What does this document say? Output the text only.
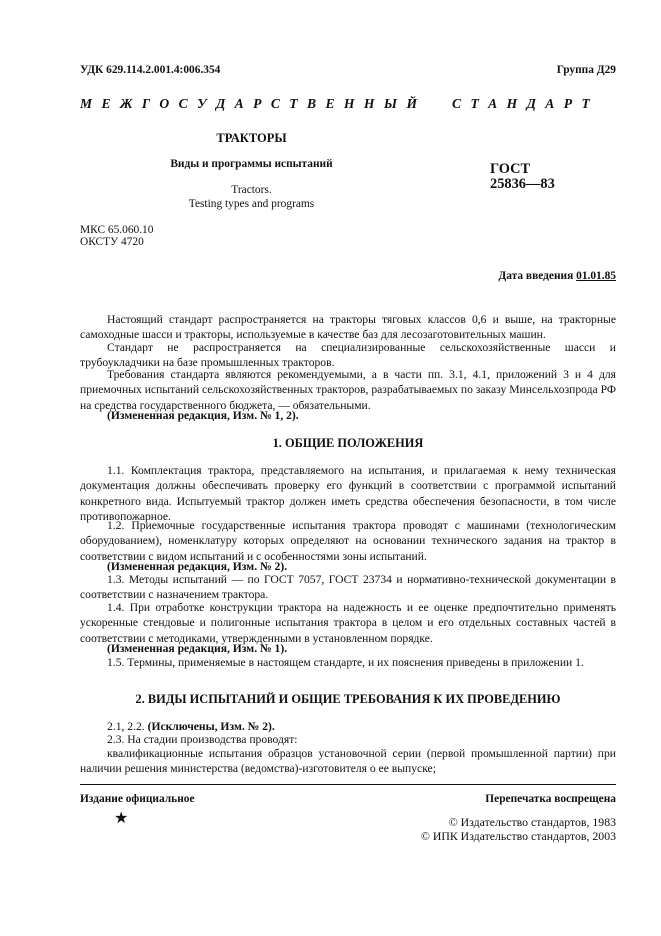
УДК 629.114.2.001.4:006.354	Группа Д29
М Е Ж Г О С У Д А Р С Т В Е Н Н Ы Й     С Т А Н Д А Р Т
ТРАКТОРЫ
Виды и программы испытаний
Tractors.
Testing types and programs
ГОСТ
25836—83
МКС 65.060.10
ОКСТУ 4720
Дата введения 01.01.85
Настоящий стандарт распространяется на тракторы тяговых классов 0,6 и выше, на тракторные самоходные шасси и тракторы, используемые в качестве баз для лесозаготовительных машин.
Стандарт не распространяется на специализированные сельскохозяйственные шасси и трубоукладчики на базе промышленных тракторов.
Требования стандарта являются рекомендуемыми, а в части пп. 3.1, 4.1, приложений 3 и 4 для приемочных испытаний сельскохозяйственных тракторов, разрабатываемых по заказу Минсельхозпрода РФ на средства государственного бюджета, — обязательными.
(Измененная редакция, Изм. № 1, 2).
1. ОБЩИЕ ПОЛОЖЕНИЯ
1.1. Комплектация трактора, представляемого на испытания, и прилагаемая к нему техническая документация должны обеспечивать проверку его функций в соответствии с программой испытаний конкретного вида. Испытуемый трактор должен иметь средства обеспечения безопасности, в том числе противопожарное.
1.2. Приемочные государственные испытания трактора проводят с машинами (технологическим оборудованием), номенклатуру которых определяют на основании технического задания на трактор в соответствии с видом испытаний и с особенностями зоны испытаний.
(Измененная редакция, Изм. № 2).
1.3. Методы испытаний — по ГОСТ 7057, ГОСТ 23734 и нормативно-технической документации в соответствии с назначением трактора.
1.4. При отработке конструкции трактора на надежность и ее оценке предпочтительно применять ускоренные стендовые и полигонные испытания трактора в целом и его отдельных составных частей в соответствии с методиками, утвержденными в установленном порядке.
(Измененная редакция, Изм. № 1).
1.5. Термины, применяемые в настоящем стандарте, и их пояснения приведены в приложении 1.
2. ВИДЫ ИСПЫТАНИЙ И ОБЩИЕ ТРЕБОВАНИЯ К ИХ ПРОВЕДЕНИЮ
2.1, 2.2. (Исключены, Изм. № 2).
2.3. На стадии производства проводят:
квалификационные испытания образцов установочной серии (первой промышленной партии) при наличии решения министерства (ведомства)-изготовителя о ее выпуске;
Издание официальное	Перепечатка воспрещена
★	© Издательство стандартов, 1983
© ИПК Издательство стандартов, 2003
